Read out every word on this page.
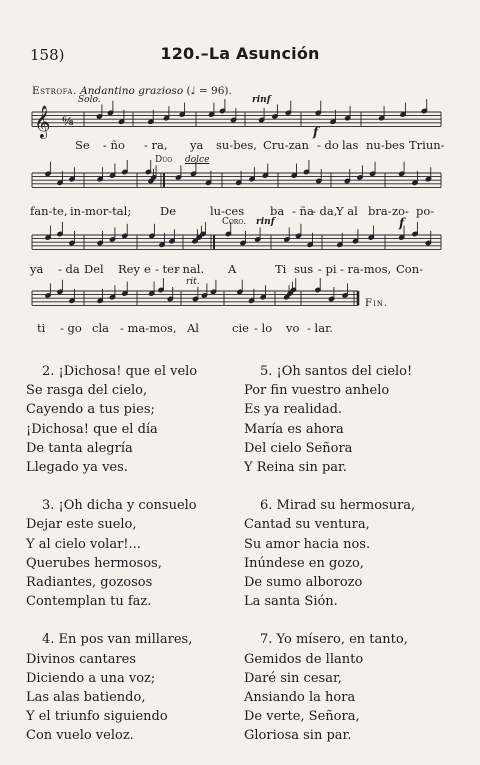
158)	120.–La Asunción
Estrofa. Andantino grazioso (♩ = 96).
Solo.	rinf
f
Dúo dolce
Coro. rinf	f
rit.
𝄞 ⁶⁄₈
Se - ño - ra, ya su-bes, Cru-zan - do las nu-bes Triun-
fan-te, in-mor-tal;	De	lu-ces ba - ña
- da,
Y al bra- zo- po-
ya - da Del Rey e - ter
- nal. A	Ti sus - pi - ra-mos, Con-
ti - go cla - ma-mos, Al	cie - lo vo - lar.
Fin.
2. ¡Dichosa! que el velo
Se rasga del cielo,
Cayendo a tus pies;
¡Dichosa! que el día
De tanta alegría
Llegado ya ves.
3. ¡Oh dicha y consuelo
Dejar este suelo,
Y al cielo volar!...
Querubes hermosos,
Radiantes, gozosos
Contemplan tu faz.
4. En pos van millares,
Divinos cantares
Diciendo a una voz;
Las alas batiendo,
Y el triunfo siguiendo
Con vuelo veloz.
5. ¡Oh santos del cielo!
Por fin vuestro anhelo
Es ya realidad.
María es ahora
Del cielo Señora
Y Reina sin par.
6. Mirad su hermosura,
Cantad su ventura,
Su amor hacia nos.
Inúndese en gozo,
De sumo alborozo
La santa Sión.
7. Yo mísero, en tanto,
Gemidos de llanto
Daré sin cesar,
Ansiando la hora
De verte, Señora,
Gloriosa sin par.
